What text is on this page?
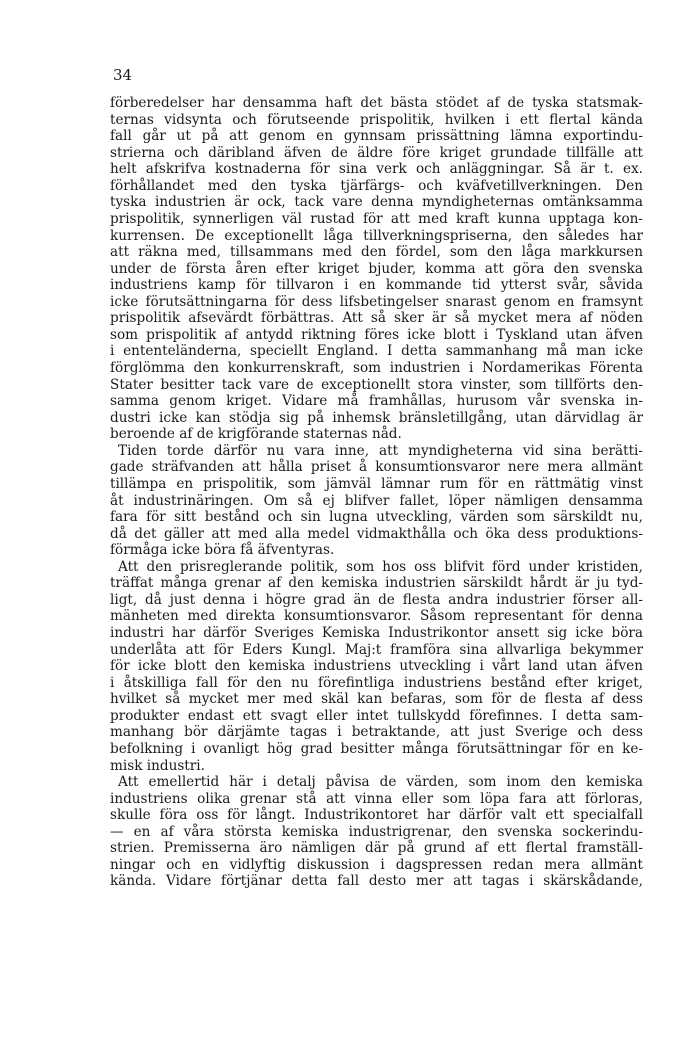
34
förberedelser har densamma haft det bästa stödet af de tyska statsmak-
ternas vidsynta och förutseende prispolitik, hvilken i ett flertal kända
fall går ut på att genom en gynnsam prissättning lämna exportindu-
strierna och däribland äfven de äldre före kriget grundade tillfälle att
helt afskrifva kostnaderna för sina verk och anläggningar. Så är t. ex.
förhållandet med den tyska tjärfärgs- och kväfvetillverkningen. Den
tyska industrien är ock, tack vare denna myndigheternas omtänksamma
prispolitik, synnerligen väl rustad för att med kraft kunna upptaga kon-
kurrensen. De exceptionellt låga tillverkningspriserna, den således har
att räkna med, tillsammans med den fördel, som den låga markkursen
under de första åren efter kriget bjuder, komma att göra den svenska
industriens kamp för tillvaron i en kommande tid ytterst svår, såvida
icke förutsättningarna för dess lifsbetingelser snarast genom en framsynt
prispolitik afsevärdt förbättras. Att så sker är så mycket mera af nöden
som prispolitik af antydd riktning föres icke blott i Tyskland utan äfven
i ententeländerna, speciellt England. I detta sammanhang må man icke
förglömma den konkurrenskraft, som industrien i Nordamerikas Förenta
Stater besitter tack vare de exceptionellt stora vinster, som tillförts den-
samma genom kriget. Vidare må framhållas, hurusom vår svenska in-
dustri icke kan stödja sig på inhemsk bränsletillgång, utan därvidlag är
beroende af de krigförande staternas nåd.
Tiden torde därför nu vara inne, att myndigheterna vid sina berätti-
gade sträfvanden att hålla priset å konsumtionsvaror nere mera allmänt
tillämpa en prispolitik, som jämväl lämnar rum för en rättmätig vinst
åt industrinäringen. Om så ej blifver fallet, löper nämligen densamma
fara för sitt bestånd och sin lugna utveckling, värden som särskildt nu,
då det gäller att med alla medel vidmakthålla och öka dess produktions-
förmåga icke böra få äfventyras.
Att den prisreglerande politik, som hos oss blifvit förd under kristiden,
träffat många grenar af den kemiska industrien särskildt hårdt är ju tyd-
ligt, då just denna i högre grad än de flesta andra industrier förser all-
mänheten med direkta konsumtionsvaror. Såsom representant för denna
industri har därför Sveriges Kemiska Industrikontor ansett sig icke böra
underlåta att för Eders Kungl. Maj:t framföra sina allvarliga bekymmer
för icke blott den kemiska industriens utveckling i vårt land utan äfven
i åtskilliga fall för den nu förefintliga industriens bestånd efter kriget,
hvilket så mycket mer med skäl kan befaras, som för de flesta af dess
produkter endast ett svagt eller intet tullskydd förefinnes. I detta sam-
manhang bör därjämte tagas i betraktande, att just Sverige och dess
befolkning i ovanligt hög grad besitter många förutsättningar för en ke-
misk industri.
Att emellertid här i detalj påvisa de värden, som inom den kemiska
industriens olika grenar stå att vinna eller som löpa fara att förloras,
skulle föra oss för långt. Industrikontoret har därför valt ett specialfall
— en af våra största kemiska industrigrenar, den svenska sockerindu-
strien. Premisserna äro nämligen där på grund af ett flertal framställ-
ningar och en vidlyftig diskussion i dagspressen redan mera allmänt
kända. Vidare förtjänar detta fall desto mer att tagas i skärskådande,
